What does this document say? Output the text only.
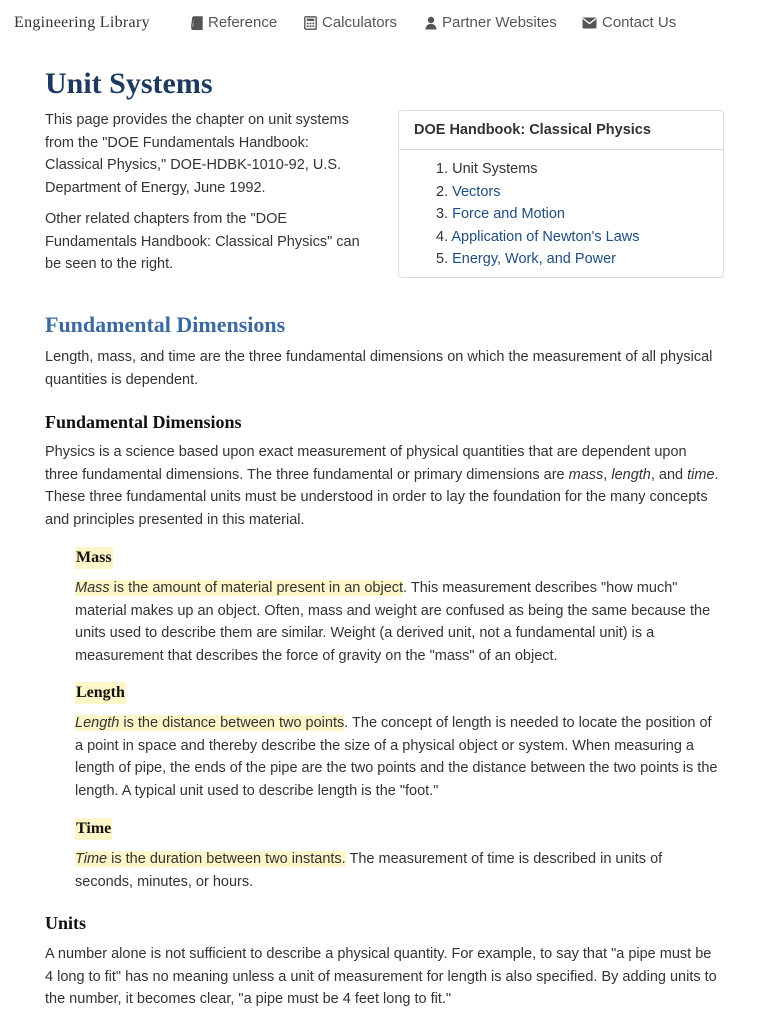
Engineering Library	Reference	Calculators	Partner Websites	Contact Us
Unit Systems

This page provides the chapter on unit systems from the "DOE Fundamentals Handbook: Classical Physics," DOE-HDBK-1010-92, U.S. Department of Energy, June 1992.

Other related chapters from the "DOE Fundamentals Handbook: Classical Physics" can be seen to the right.

DOE Handbook: Classical Physics
1. Unit Systems
2. Vectors
3. Force and Motion
4. Application of Newton's Laws
5. Energy, Work, and Power
Fundamental Dimensions

Length, mass, and time are the three fundamental dimensions on which the measurement of all physical quantities is dependent.

Fundamental Dimensions

Physics is a science based upon exact measurement of physical quantities that are dependent upon three fundamental dimensions. The three fundamental or primary dimensions are mass, length, and time. These three fundamental units must be understood in order to lay the foundation for the many concepts and principles presented in this material.

Mass

Mass is the amount of material present in an object. This measurement describes "how much" material makes up an object. Often, mass and weight are confused as being the same because the units used to describe them are similar. Weight (a derived unit, not a fundamental unit) is a measurement that describes the force of gravity on the "mass" of an object.

Length

Length is the distance between two points. The concept of length is needed to locate the position of a point in space and thereby describe the size of a physical object or system. When measuring a length of pipe, the ends of the pipe are the two points and the distance between the two points is the length. A typical unit used to describe length is the "foot."

Time

Time is the duration between two instants. The measurement of time is described in units of seconds, minutes, or hours.

Units

A number alone is not sufficient to describe a physical quantity. For example, to say that "a pipe must be 4 long to fit" has no meaning unless a unit of measurement for length is also specified. By adding units to the number, it becomes clear, "a pipe must be 4 feet long to fit."
